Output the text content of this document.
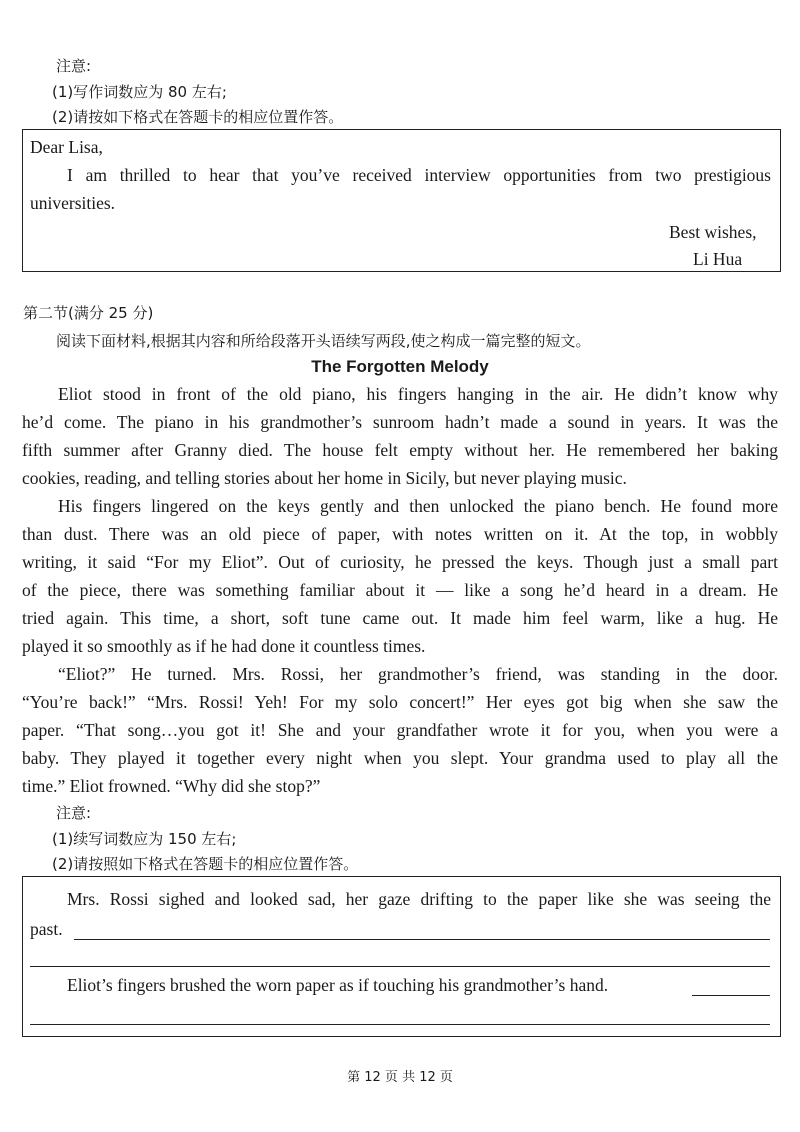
注意:
(1)写作词数应为 80 左右;
(2)请按如下格式在答题卡的相应位置作答。
Dear Lisa,
I am thrilled to hear that you’ve received interview opportunities from two prestigious
universities.
Best wishes,
Li Hua
第二节(满分 25 分)
阅读下面材料,根据其内容和所给段落开头语续写两段,使之构成一篇完整的短文。
The Forgotten Melody
Eliot stood in front of the old piano, his fingers hanging in the air. He didn’t know why
he’d come. The piano in his grandmother’s sunroom hadn’t made a sound in years. It was the
fifth summer after Granny died. The house felt empty without her. He remembered her baking
cookies, reading, and telling stories about her home in Sicily, but never playing music.
His fingers lingered on the keys gently and then unlocked the piano bench. He found more
than dust. There was an old piece of paper, with notes written on it. At the top, in wobbly
writing, it said “For my Eliot”. Out of curiosity, he pressed the keys. Though just a small part
of the piece, there was something familiar about it — like a song he’d heard in a dream. He
tried again. This time, a short, soft tune came out. It made him feel warm, like a hug. He
played it so smoothly as if he had done it countless times.
“Eliot?” He turned. Mrs. Rossi, her grandmother’s friend, was standing in the door.
“You’re back!” “Mrs. Rossi! Yeh! For my solo concert!” Her eyes got big when she saw the
paper. “That song…you got it! She and your grandfather wrote it for you, when you were a
baby. They played it together every night when you slept. Your grandma used to play all the
time.” Eliot frowned. “Why did she stop?”
注意:
(1)续写词数应为 150 左右;
(2)请按照如下格式在答题卡的相应位置作答。
Mrs. Rossi sighed and looked sad, her gaze drifting to the paper like she was seeing the
past.
Eliot’s fingers brushed the worn paper as if touching his grandmother’s hand.
第 12 页 共 12 页
